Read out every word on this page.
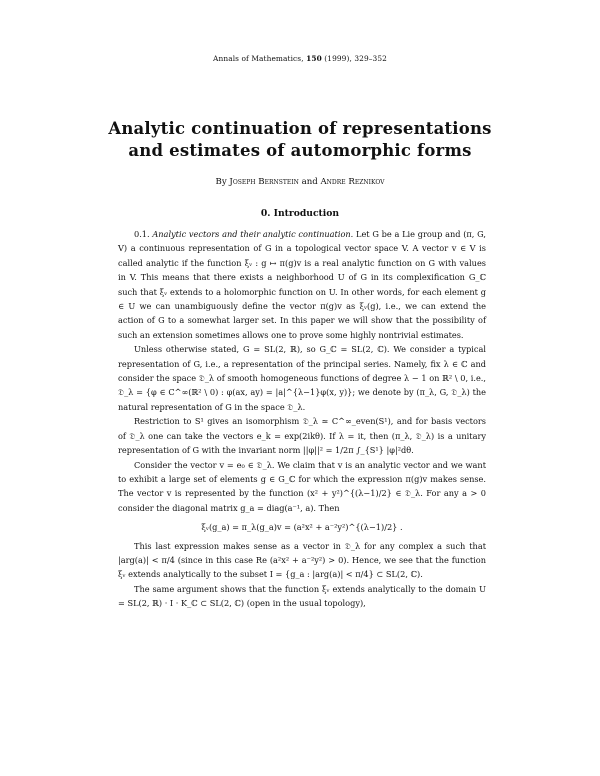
Annals of Mathematics, 150 (1999), 329–352
Analytic continuation of representations
and estimates of automorphic forms
By Joseph Bernstein and Andre Reznikov
0. Introduction

0.1. Analytic vectors and their analytic continuation. Let G be a Lie group and (π, G, V) a continuous representation of G in a topological vector space V. A vector v ∈ V is called analytic if the function ξᵥ : g ↦ π(g)v is a real analytic function on G with values in V. This means that there exists a neighborhood U of G in its complexification G_ℂ such that ξᵥ extends to a holomorphic function on U. In other words, for each element g ∈ U we can unambiguously define the vector π(g)v as ξᵥ(g), i.e., we can extend the action of G to a somewhat larger set. In this paper we will show that the possibility of such an extension sometimes allows one to prove some highly nontrivial estimates.

Unless otherwise stated, G = SL(2, ℝ), so G_ℂ = SL(2, ℂ). We consider a typical representation of G, i.e., a representation of the principal series. Namely, fix λ ∈ ℂ and consider the space 𝔇_λ of smooth homogeneous functions of degree λ − 1 on ℝ² \ 0, i.e., 𝔇_λ = {φ ∈ C^∞(ℝ² \ 0) : φ(ax, ay) = |a|^{λ−1}φ(x, y)}; we denote by (π_λ, G, 𝔇_λ) the natural representation of G in the space 𝔇_λ.

Restriction to S¹ gives an isomorphism 𝔇_λ ≃ C^∞_even(S¹), and for basis vectors of 𝔇_λ one can take the vectors e_k = exp(2ikθ). If λ = it, then (π_λ, 𝔇_λ) is a unitary representation of G with the invariant norm ||φ||² = 1/2π ∫_{S¹} |φ|²dθ.

Consider the vector v = e₀ ∈ 𝔇_λ. We claim that v is an analytic vector and we want to exhibit a large set of elements g ∈ G_ℂ for which the expression π(g)v makes sense. The vector v is represented by the function (x² + y²)^{(λ−1)/2} ∈ 𝔇_λ. For any a > 0 consider the diagonal matrix g_a = diag(a⁻¹, a). Then

ξᵥ(g_a) = π_λ(g_a)v = (a²x² + a⁻²y²)^{(λ−1)/2} .

This last expression makes sense as a vector in 𝔇_λ for any complex a such that |arg(a)| < π/4 (since in this case Re (a²x² + a⁻²y²) > 0). Hence, we see that the function ξᵥ extends analytically to the subset I = {g_a : |arg(a)| < π/4} ⊂ SL(2, ℂ).

The same argument shows that the function ξᵥ extends analytically to the domain U = SL(2, ℝ) · I · K_ℂ ⊂ SL(2, ℂ) (open in the usual topology),
